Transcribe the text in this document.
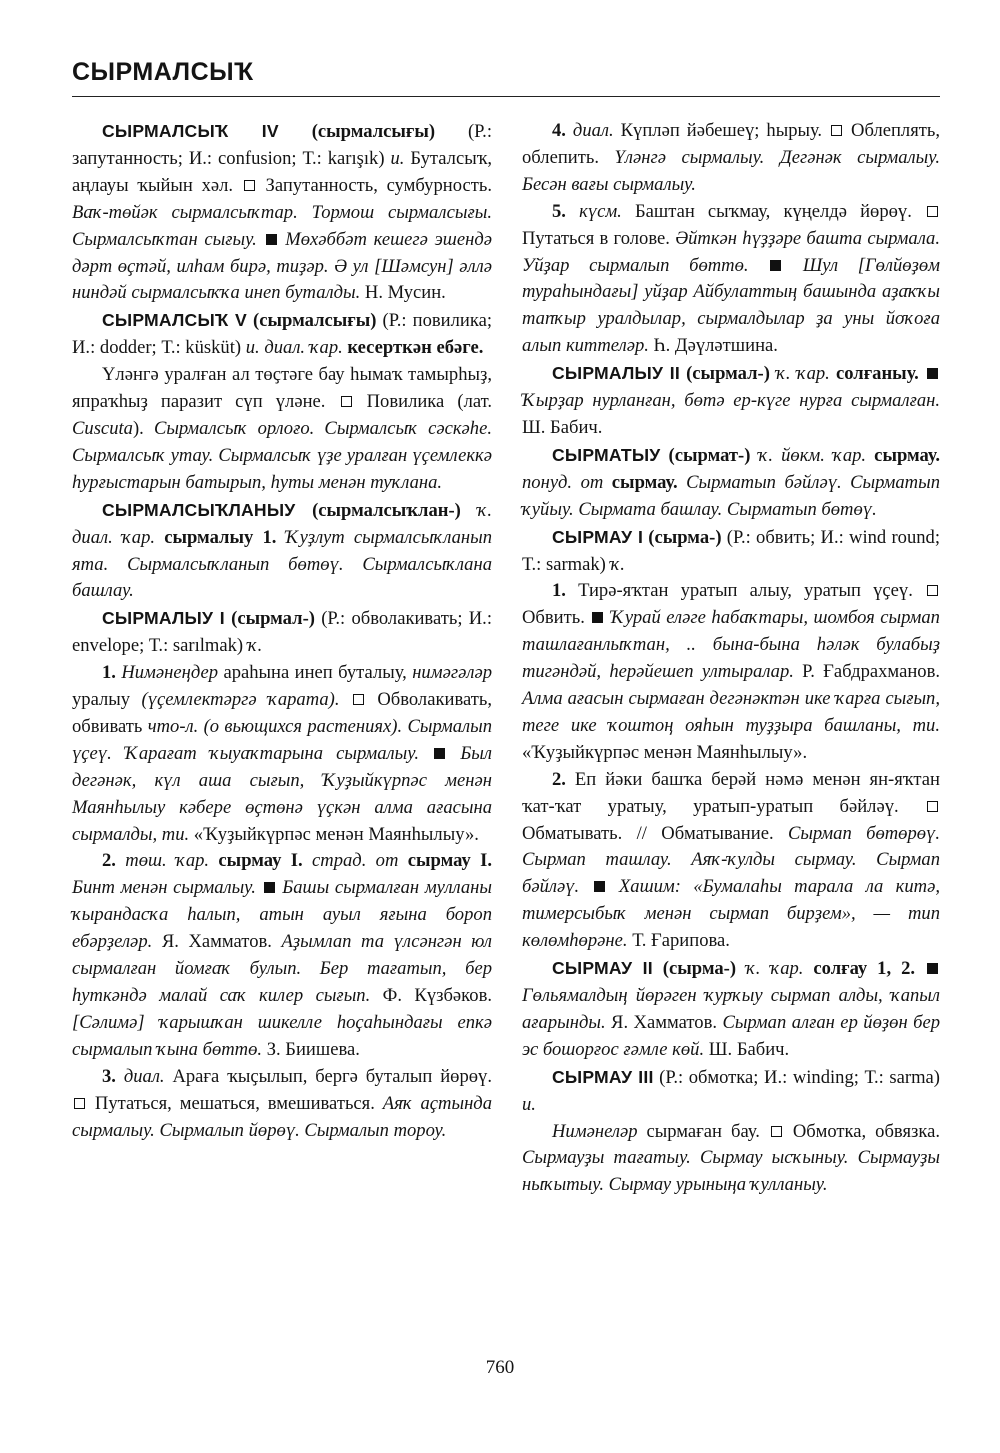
СЫРМАЛСЫҠ

СЫРМАЛСЫҠ IV (сырмалсығы) (Р.: запутанность; И.: confusion; Т.: karışık) и. Буталсыҡ, аңлауы ҡыйын хәл.  Запутанность, сумбурность. Ваҡ-төйәк сырмалсыҡтар. Тормош сырмалсығы. Сырмалсыҡтан сығыу.  Мөхәббәт кешегә эшендә дәрт өҫтәй, илһам бирә, тиҙәр. Ә ул [Шәмсун] әллә ниндәй сырмалсыҡҡа инеп буталды. Н. Мусин.

СЫРМАЛСЫҠ V (сырмалсығы) (Р.: повилика; И.: dodder; Т.: küsküt) и. диал. ҡар. кесерткән ебәге.

Үләнгә уралған ал төҫтәге бау һымаҡ тамырһыҙ, япраҡһыҙ паразит сүп үләне.  Повилика (лат. Cuscuta). Сырмалсыҡ орлоғо. Сырмалсыҡ сәскәһе. Сырмалсыҡ утау. Сырмалсыҡ үҙе уралған үҫемлеккә һурғыстарын батырып, һуты менән туҡлана.

СЫРМАЛСЫҠЛАНЫУ (сырмалсыҡлан-) ҡ. диал. ҡар. сырмалыу 1. Ҡуҙлут сырмалсыҡланып ята. Сырмалсыҡланып бөтөү. Сырмалсыҡлана башлау.

СЫРМАЛЫУ I (сырмал-) (Р.: обволакивать; И.: envelope; Т.: sarılmak) ҡ.

1. Нимәнеңдер араһына инеп буталыу, нимәгәләр уралыу (үҫемлектәргә ҡарата).  Обволакивать, обвивать что-л. (о вьющихся растениях). Сырмалып үҫеү. Ҡарағат ҡыуаҡтарына сырмалыу.  Был дегәнәк, күл аша сығып, Ҡуҙыйкүрпәс менән Маянһылыу кәбере өҫтөнә үҫкән алма ағасына сырмалды, ти. «Ҡуҙыйкүрпәс менән Маянһылыу».

2. төш. ҡар. сырмау I. страд. от сырмау I. Бинт менән сырмалыу.  Башы сырмалған мулланы ҡырандасҡа һалып, атын ауыл яғына бороп ебәрҙеләр. Я. Хамматов. Аҙымлап та үлсәнгән юл сырмалған йомғаҡ булып. Бер тағатып, бер һуткәндә малай саҡ килер сығып. Ф. Күзбәков. [Сәлимә] ҡарышҡан шикелле һоҫаһындағы епкә сырмалып ҡына бөттө. З. Биишева.

3. диал. Араға ҡыҫылып, бергә буталып йөрөү.  Путаться, мешаться, вмешиваться. Аяҡ аҫтында сырмалыу. Сырмалып йөрөү. Сырмалып тороу.

4. диал. Күпләп йәбешеү; һырыу.  Облеплять, облепить. Үләнгә сырмалыу. Дегәнәк сырмалыу. Бесән вағы сырмалыу.

5. күсм. Баштан сыҡмау, күңелдә йөрөү.  Путаться в голове. Әйткән һүҙҙәре башта сырмала. Уйҙар сырмалып бөттө.  Шул [Гөлйөҙөм тураһындағы] уйҙар Айбулаттың башында аҙаҡҡы тапҡыр уралдылар, сырмалдылар ҙа уны йоҡоға алып киттеләр. Һ. Дәүләтшина.

СЫРМАЛЫУ II (сырмал-) ҡ. ҡар. солғаныу.  Ҡырҙар нурланған, бөтә ер-күге нурға сырмалған. Ш. Бабич.

СЫРМАТЫУ (сырмат-) ҡ. йөкм. ҡар. сырмау. понуд. от сырмау. Сырматып бәйләү. Сырматып ҡуйыу. Сырмата башлау. Сырматып бөтөү.

СЫРМАУ I (сырма-) (Р.: обвить; И.: wind round; Т.: sarmak) ҡ.

1. Тирә-яҡтан уратып алыу, уратып үҫеү.  Обвить.  Ҡурай еләге һабаҡтары, шомбоя сырмап ташлағанлыҡтан, .. бына-бына һәләк булабыҙ тигәндәй, һерәйешеп ултыралар. Р. Ғабдрахманов. Алма ағасын сырмаған дегәнәктән ике ҡарға сығып, теге ике ҡоштоң ояһын туҙҙыра башланы, ти. «Ҡуҙыйкүрпәс менән Маянһылыу».

2. Еп йәки башҡа берәй нәмә менән ян-яҡтан ҡат-ҡат уратыу, уратып-уратып бәйләү.  Обматывать. // Обматывание. Сырмап бөтөрөү. Сырмап ташлау. Аяҡ-ҡулды сырмау. Сырмап бәйләү.  Хашим: «Бумалаһы тарала ла китә, тимерсыбыҡ менән сырмап бирҙем», — тип көлөмһөрәне. Т. Ғарипова.

СЫРМАУ II (сырма-) ҡ. ҡар. солғау 1, 2.  Гөльямалдың йөрәген ҡурҡыу сырмап алды, ҡапыл ағарынды. Я. Хамматов. Сырмап алған ер йөҙөн бер эс бошорғос ғәмле көй. Ш. Бабич.

СЫРМАУ III (Р.: обмотка; И.: winding; Т.: sarma) и.

Нимәнеләр сырмаған бау.  Обмотка, обвязка. Сырмауҙы тағатыу. Сырмау ысҡыныу. Сырмауҙы ныҡытыу. Сырмау урыныңа ҡулланыу.

760
